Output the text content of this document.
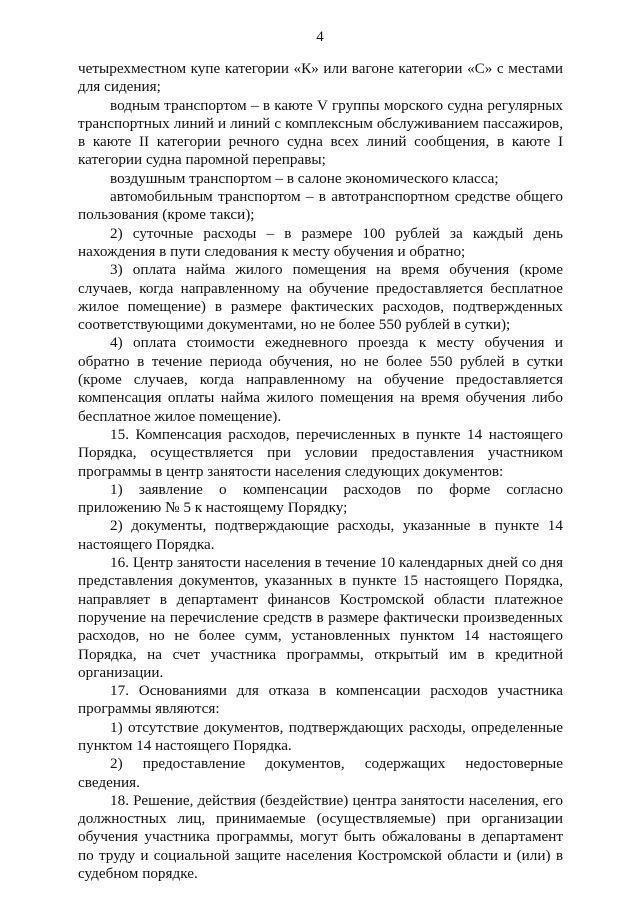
4

четырехместном купе категории «К» или вагоне категории «С» с местами для сидения;

водным транспортом – в каюте V группы морского судна регулярных транспортных линий и линий с комплексным обслуживанием пассажиров, в каюте II категории речного судна всех линий сообщения, в каюте I категории судна паромной переправы;

воздушным транспортом – в салоне экономического класса;

автомобильным транспортом – в автотранспортном средстве общего пользования (кроме такси);

2) суточные расходы – в размере 100 рублей за каждый день нахождения в пути следования к месту обучения и обратно;

3) оплата найма жилого помещения на время обучения (кроме случаев, когда направленному на обучение предоставляется бесплатное жилое помещение) в размере фактических расходов, подтвержденных соответствующими документами, но не более 550 рублей в сутки);

4) оплата стоимости ежедневного проезда к месту обучения и обратно в течение периода обучения, но не более 550 рублей в сутки (кроме случаев, когда направленному на обучение предоставляется компенсация оплаты найма жилого помещения на время обучения либо бесплатное жилое помещение).

15. Компенсация расходов, перечисленных в пункте 14 настоящего Порядка, осуществляется при условии предоставления участником программы в центр занятости населения следующих документов:

1) заявление о компенсации расходов по форме согласно приложению № 5 к настоящему Порядку;

2) документы, подтверждающие расходы, указанные в пункте 14 настоящего Порядка.

16. Центр занятости населения в течение 10 календарных дней со дня представления документов, указанных в пункте 15 настоящего Порядка, направляет в департамент финансов Костромской области платежное поручение на перечисление средств в размере фактически произведенных расходов, но не более сумм, установленных пунктом 14 настоящего Порядка, на счет участника программы, открытый им в кредитной организации.

17. Основаниями для отказа в компенсации расходов участника программы являются:

1) отсутствие документов, подтверждающих расходы, определенные пунктом 14 настоящего Порядка.

2) предоставление документов, содержащих недостоверные сведения.

18. Решение, действия (бездействие) центра занятости населения, его должностных лиц, принимаемые (осуществляемые) при организации обучения участника программы, могут быть обжалованы в департамент по труду и социальной защите населения Костромской области и (или) в судебном порядке.
